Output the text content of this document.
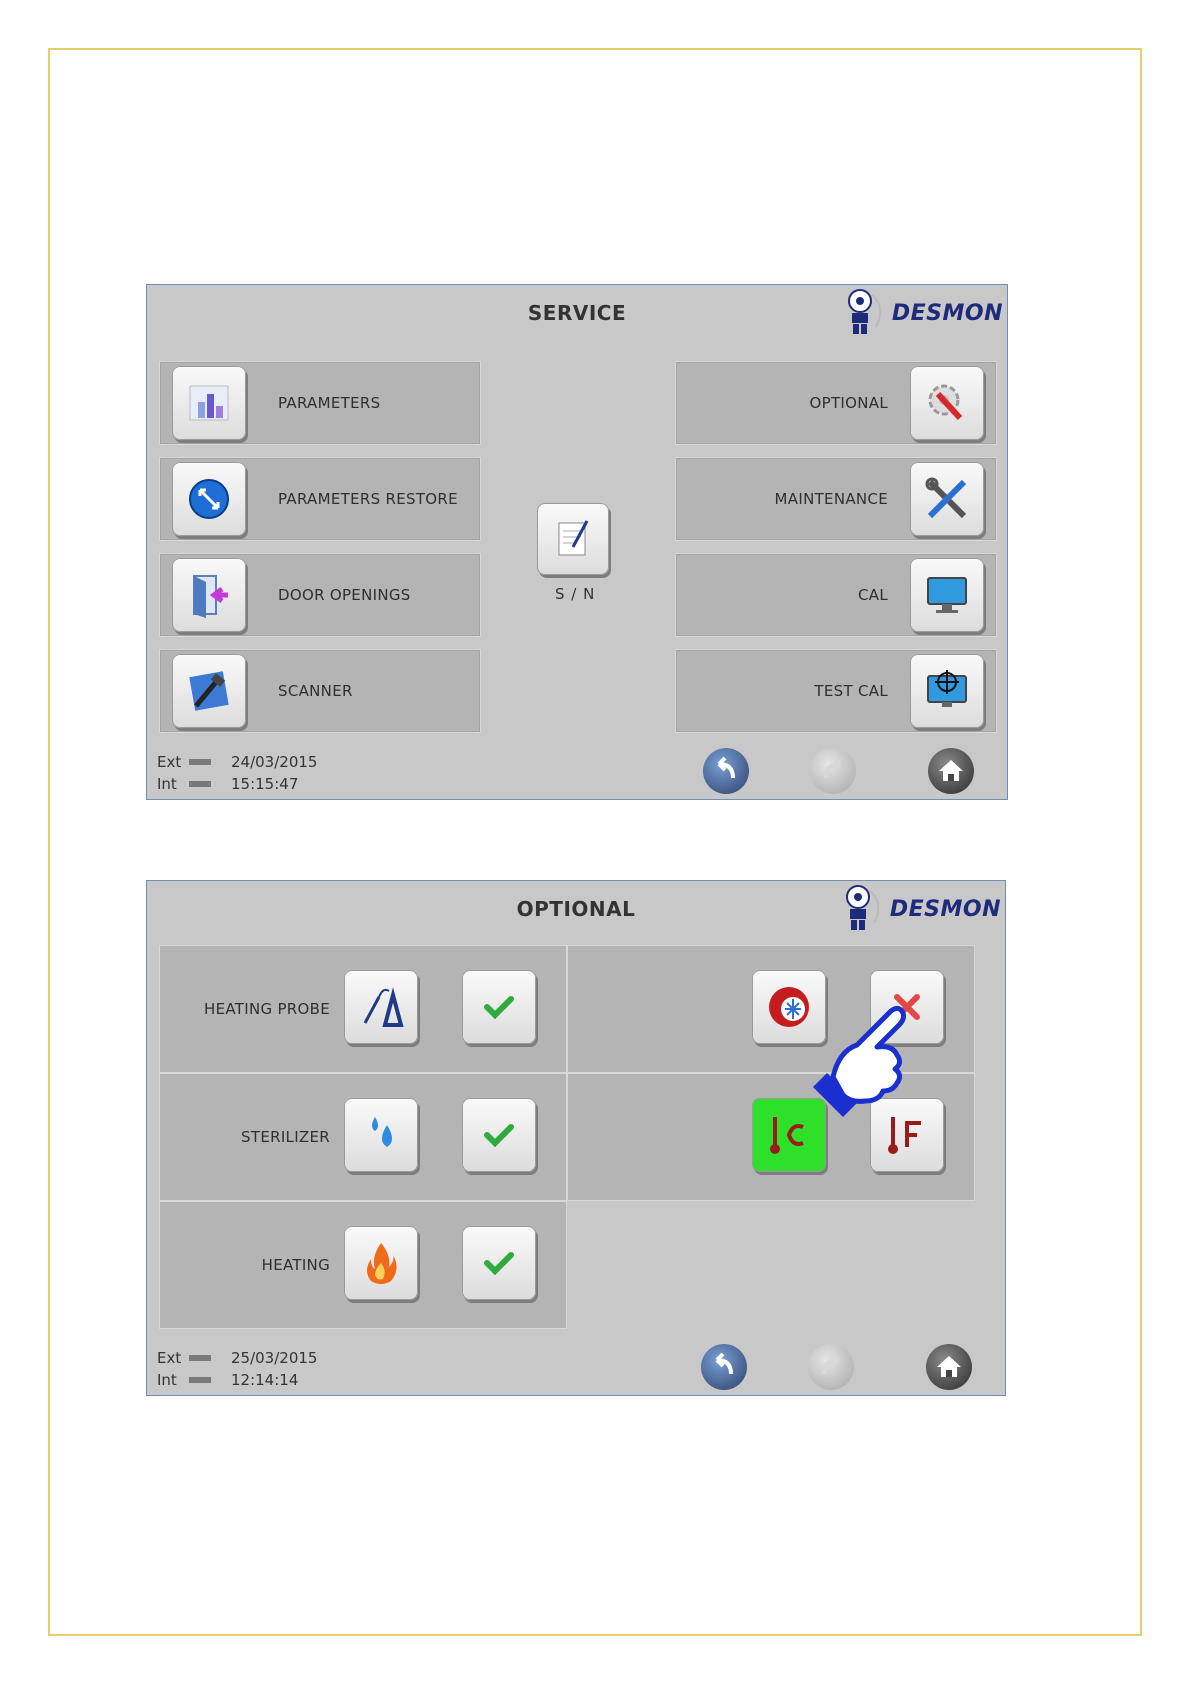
SERVICE	DESMON
PARAMETERS
PARAMETERS RESTORE
DOOR OPENINGS
SCANNER
S / N
OPTIONAL
MAINTENANCE
CAL
TEST CAL
Ext	24/03/2015
Int	15:15:47
OPTIONAL	DESMON
HEATING PROBE
STERILIZER
HEATING
Ext	25/03/2015
Int	12:14:14
